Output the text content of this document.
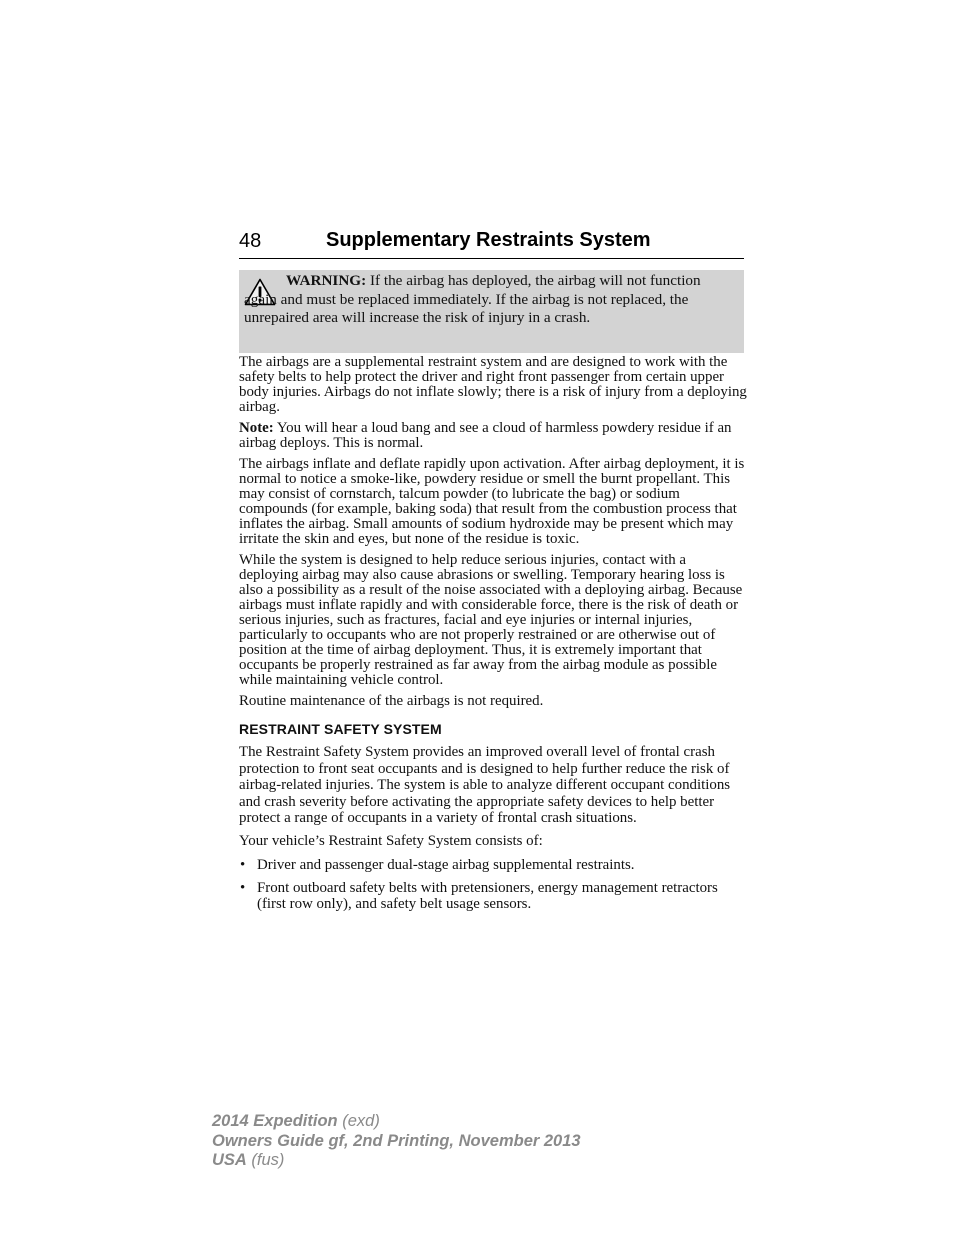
48	Supplementary Restraints System

WARNING: If the airbag has deployed, the airbag will not function again and must be replaced immediately. If the airbag is not replaced, the unrepaired area will increase the risk of injury in a crash.

The airbags are a supplemental restraint system and are designed to work with the safety belts to help protect the driver and right front passenger from certain upper body injuries. Airbags do not inflate slowly; there is a risk of injury from a deploying airbag.

Note: You will hear a loud bang and see a cloud of harmless powdery residue if an airbag deploys. This is normal.

The airbags inflate and deflate rapidly upon activation. After airbag deployment, it is normal to notice a smoke-like, powdery residue or smell the burnt propellant. This may consist of cornstarch, talcum powder (to lubricate the bag) or sodium compounds (for example, baking soda) that result from the combustion process that inflates the airbag. Small amounts of sodium hydroxide may be present which may irritate the skin and eyes, but none of the residue is toxic.

While the system is designed to help reduce serious injuries, contact with a deploying airbag may also cause abrasions or swelling. Temporary hearing loss is also a possibility as a result of the noise associated with a deploying airbag. Because airbags must inflate rapidly and with considerable force, there is the risk of death or serious injuries, such as fractures, facial and eye injuries or internal injuries, particularly to occupants who are not properly restrained or are otherwise out of position at the time of airbag deployment. Thus, it is extremely important that occupants be properly restrained as far away from the airbag module as possible while maintaining vehicle control.

Routine maintenance of the airbags is not required.

RESTRAINT SAFETY SYSTEM

The Restraint Safety System provides an improved overall level of frontal crash protection to front seat occupants and is designed to help further reduce the risk of airbag-related injuries. The system is able to analyze different occupant conditions and crash severity before activating the appropriate safety devices to help better protect a range of occupants in a variety of frontal crash situations.

Your vehicle’s Restraint Safety System consists of:

• Driver and passenger dual-stage airbag supplemental restraints.
• Front outboard safety belts with pretensioners, energy management retractors (first row only), and safety belt usage sensors.
2014 Expedition (exd)
Owners Guide gf, 2nd Printing, November 2013
USA (fus)
